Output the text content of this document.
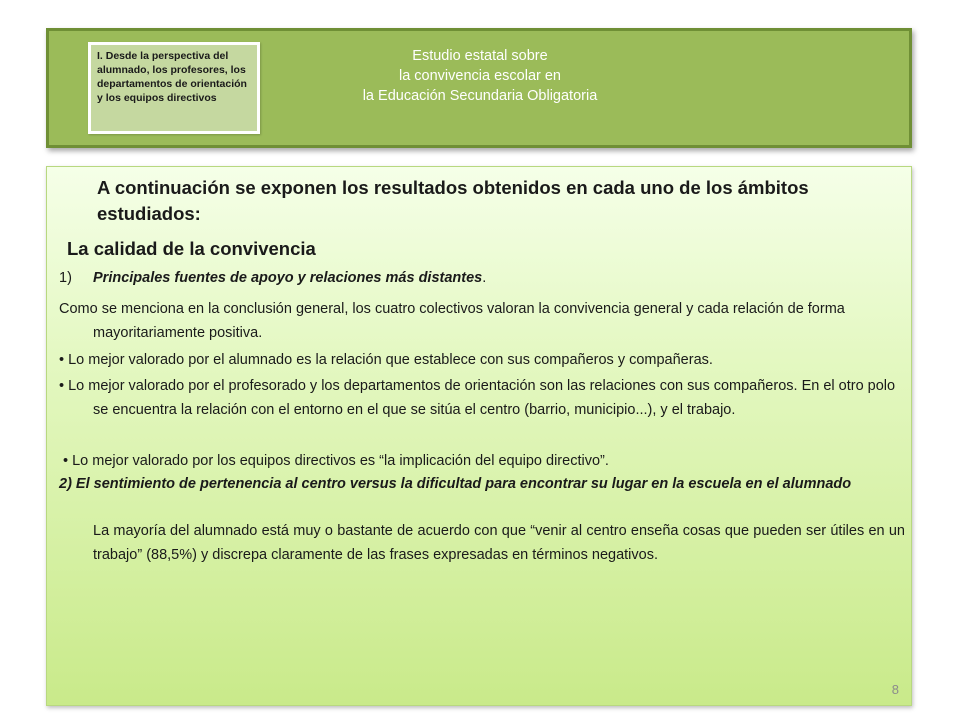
I. Desde la perspectiva del alumnado, los profesores, los departamentos de orientación y los equipos directivos
Estudio estatal sobre
la convivencia escolar en
la Educación Secundaria Obligatoria
A continuación se exponen los resultados obtenidos en cada uno de los ámbitos estudiados:
La calidad de la convivencia
1) Principales fuentes de apoyo y relaciones más distantes.
Como se menciona en la conclusión general, los cuatro colectivos valoran la convivencia general y cada relación de forma mayoritariamente positiva.
• Lo mejor valorado por el alumnado es la relación que establece con sus compañeros y compañeras.
• Lo mejor valorado por el profesorado y los departamentos de orientación son las relaciones con sus compañeros. En el otro polo se encuentra la relación con el entorno en el que se sitúa el centro (barrio, municipio...), y el trabajo.
• Lo mejor valorado por los equipos directivos es “la implicación del equipo directivo”.
2) El sentimiento de pertenencia al centro versus la dificultad para encontrar su lugar en la escuela en el alumnado
La mayoría del alumnado está muy o bastante de acuerdo con que “venir al centro enseña cosas que pueden ser útiles en un trabajo” (88,5%) y discrepa claramente de las frases expresadas en términos negativos.
8
